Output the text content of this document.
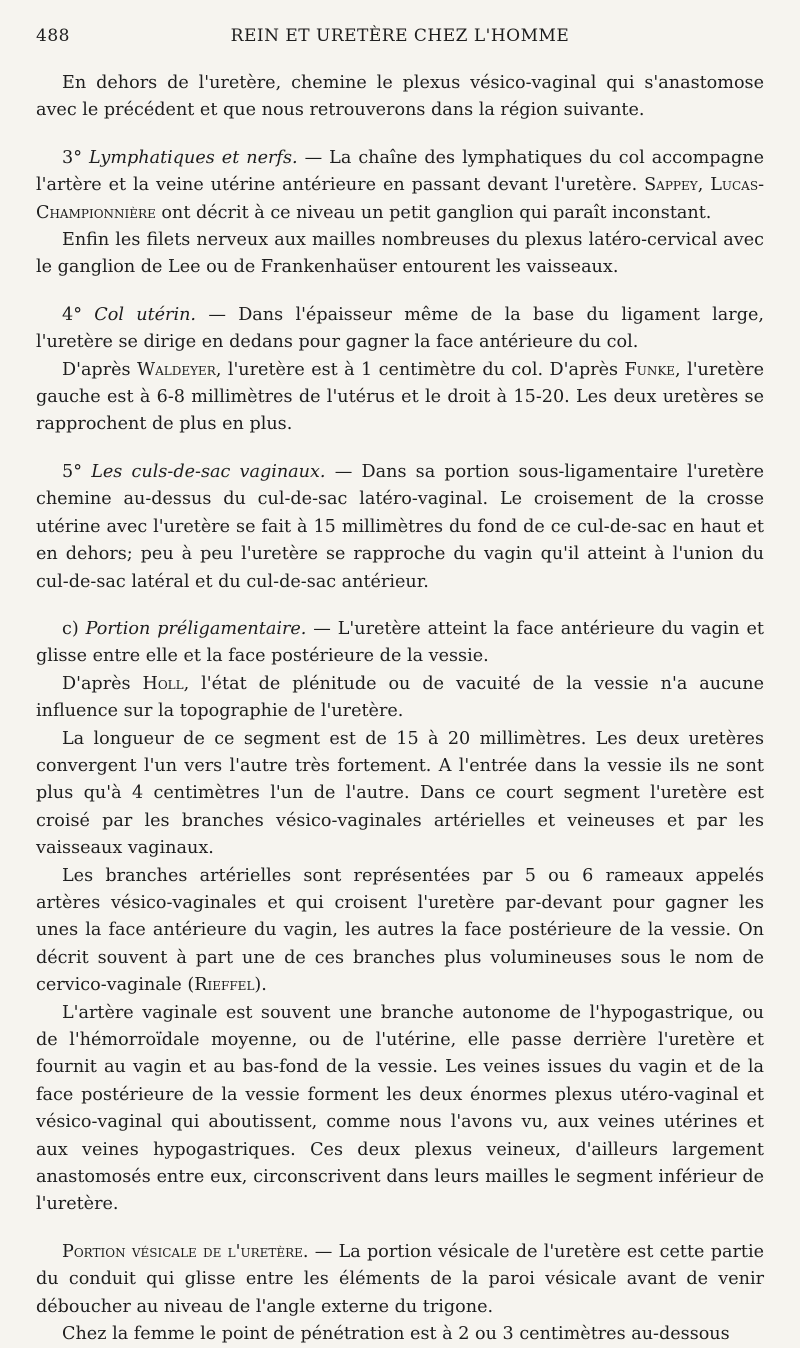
488	REIN ET URETÈRE CHEZ L'HOMME

En dehors de l'uretère, chemine le plexus vésico-vaginal qui s'anastomose avec le précédent et que nous retrouverons dans la région suivante.

3° Lymphatiques et nerfs. — La chaîne des lymphatiques du col accompagne l'artère et la veine utérine antérieure en passant devant l'uretère. Sappey, Lucas-Championnière ont décrit à ce niveau un petit ganglion qui paraît inconstant.

Enfin les filets nerveux aux mailles nombreuses du plexus latéro-cervical avec le ganglion de Lee ou de Frankenhaüser entourent les vaisseaux.

4° Col utérin. — Dans l'épaisseur même de la base du ligament large, l'uretère se dirige en dedans pour gagner la face antérieure du col.

D'après Waldeyer, l'uretère est à 1 centimètre du col. D'après Funke, l'uretère gauche est à 6-8 millimètres de l'utérus et le droit à 15-20. Les deux uretères se rapprochent de plus en plus.

5° Les culs-de-sac vaginaux. — Dans sa portion sous-ligamentaire l'uretère chemine au-dessus du cul-de-sac latéro-vaginal. Le croisement de la crosse utérine avec l'uretère se fait à 15 millimètres du fond de ce cul-de-sac en haut et en dehors; peu à peu l'uretère se rapproche du vagin qu'il atteint à l'union du cul-de-sac latéral et du cul-de-sac antérieur.

c) Portion préligamentaire. — L'uretère atteint la face antérieure du vagin et glisse entre elle et la face postérieure de la vessie.

D'après Holl, l'état de plénitude ou de vacuité de la vessie n'a aucune influence sur la topographie de l'uretère.

La longueur de ce segment est de 15 à 20 millimètres. Les deux uretères convergent l'un vers l'autre très fortement. A l'entrée dans la vessie ils ne sont plus qu'à 4 centimètres l'un de l'autre. Dans ce court segment l'uretère est croisé par les branches vésico-vaginales artérielles et veineuses et par les vaisseaux vaginaux.

Les branches artérielles sont représentées par 5 ou 6 rameaux appelés artères vésico-vaginales et qui croisent l'uretère par-devant pour gagner les unes la face antérieure du vagin, les autres la face postérieure de la vessie. On décrit souvent à part une de ces branches plus volumineuses sous le nom de cervico-vaginale (Rieffel).

L'artère vaginale est souvent une branche autonome de l'hypogastrique, ou de l'hémorroïdale moyenne, ou de l'utérine, elle passe derrière l'uretère et fournit au vagin et au bas-fond de la vessie. Les veines issues du vagin et de la face postérieure de la vessie forment les deux énormes plexus utéro-vaginal et vésico-vaginal qui aboutissent, comme nous l'avons vu, aux veines utérines et aux veines hypogastriques. Ces deux plexus veineux, d'ailleurs largement anastomosés entre eux, circonscrivent dans leurs mailles le segment inférieur de l'uretère.

Portion vésicale de l'uretère. — La portion vésicale de l'uretère est cette partie du conduit qui glisse entre les éléments de la paroi vésicale avant de venir déboucher au niveau de l'angle externe du trigone.

Chez la femme le point de pénétration est à 2 ou 3 centimètres au-dessous
